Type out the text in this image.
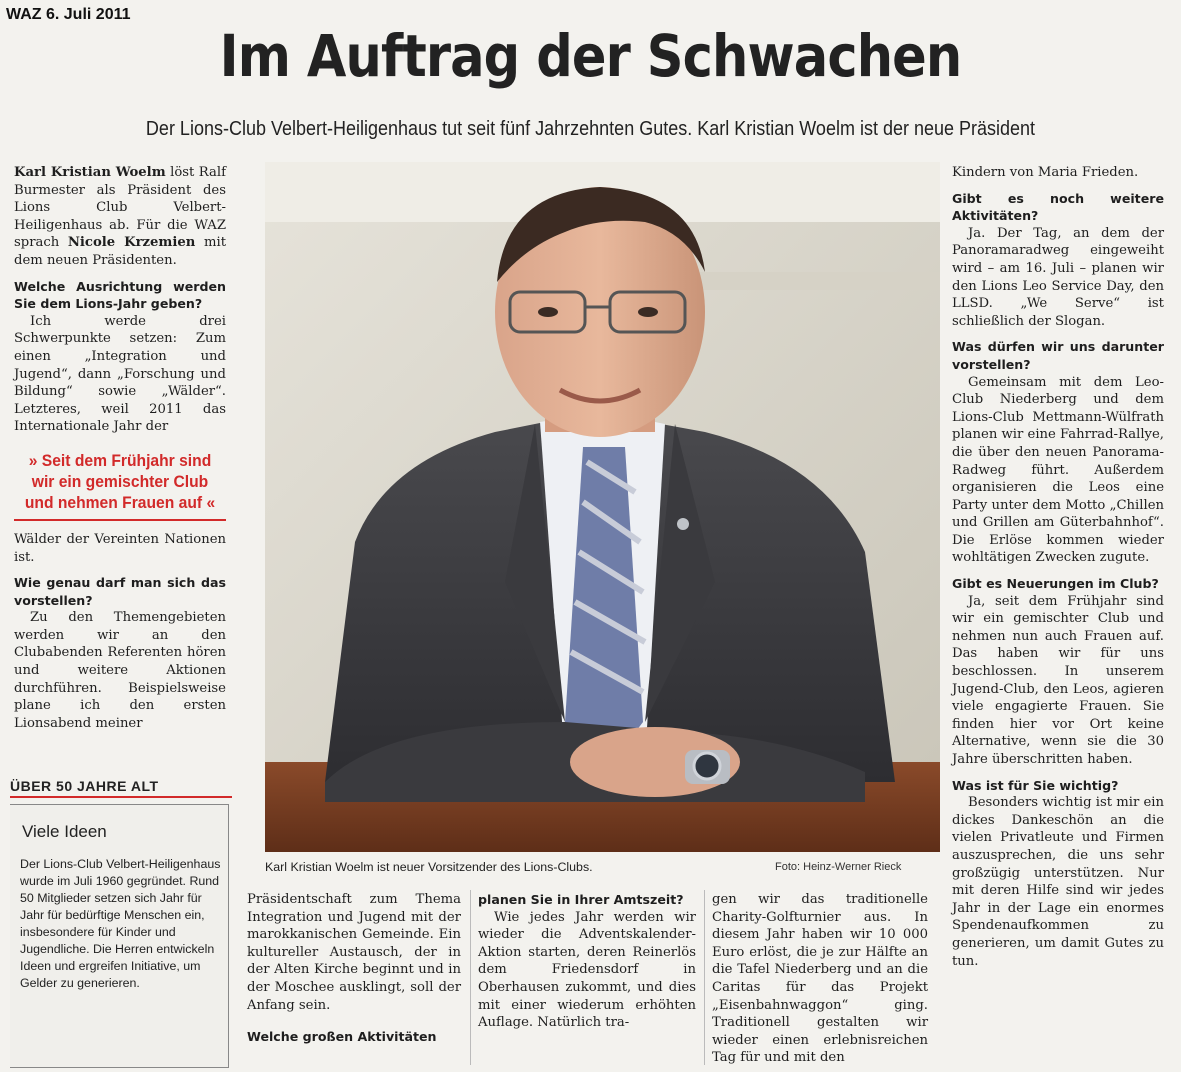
WAZ 6. Juli 2011
Im Auftrag der Schwachen
Der Lions-Club Velbert-Heiligenhaus tut seit fünf Jahrzehnten Gutes. Karl Kristian Woelm ist der neue Präsident

Karl Kristian Woelm löst Ralf Burmester als Präsident des Lions Club Velbert-Heiligenhaus ab. Für die WAZ sprach Nicole Krzemien mit dem neuen Präsidenten.

Welche Ausrichtung werden Sie dem Lions-Jahr geben?

Ich werde drei Schwerpunkte setzen: Zum einen „Integration und Jugend“, dann „Forschung und Bildung“ sowie „Wälder“. Letzteres, weil 2011 das Internationale Jahr der

» Seit dem Frühjahr sind wir ein gemischter Club und nehmen Frauen auf «

Wälder der Vereinten Nationen ist.

Wie genau darf man sich das vorstellen?

Zu den Themengebieten werden wir an den Clubabenden Referenten hören und weitere Aktionen durchführen. Beispielsweise plane ich den ersten Lionsabend meiner

ÜBER 50 JAHRE ALT
Viele Ideen
Der Lions-Club Velbert-Heiligenhaus wurde im Juli 1960 gegründet. Rund 50 Mitglieder setzen sich Jahr für Jahr für bedürftige Menschen ein, insbesondere für Kinder und Jugendliche. Die Herren entwickeln Ideen und ergreifen Initiative, um Gelder zu generieren.
Karl Kristian Woelm ist neuer Vorsitzender des Lions-Clubs.	Foto: Heinz-Werner Rieck

Präsidentschaft zum Thema Integration und Jugend mit der marokkanischen Gemeinde. Ein kultureller Austausch, der in der Alten Kirche beginnt und in der Moschee ausklingt, soll der Anfang sein.

Welche großen Aktivitäten

planen Sie in Ihrer Amtszeit?

Wie jedes Jahr werden wir wieder die Adventskalender-Aktion starten, deren Reinerlös dem Friedensdorf in Oberhausen zukommt, und dies mit einer wiederum erhöhten Auflage. Natürlich tra-

gen wir das traditionelle Charity-Golfturnier aus. In diesem Jahr haben wir 10 000 Euro erlöst, die je zur Hälfte an die Tafel Niederberg und an die Caritas für das Projekt „Eisenbahnwaggon“ ging. Traditionell gestalten wir wieder einen erlebnisreichen Tag für und mit den

Kindern von Maria Frieden.

Gibt es noch weitere Aktivitäten?

Ja. Der Tag, an dem der Panoramaradweg eingeweiht wird – am 16. Juli – planen wir den Lions Leo Service Day, den LLSD. „We Serve“ ist schließlich der Slogan.

Was dürfen wir uns darunter vorstellen?

Gemeinsam mit dem Leo-Club Niederberg und dem Lions-Club Mettmann-Wülfrath planen wir eine Fahrrad-Rallye, die über den neuen Panorama-Radweg führt. Außerdem organisieren die Leos eine Party unter dem Motto „Chillen und Grillen am Güterbahnhof“. Die Erlöse kommen wieder wohltätigen Zwecken zugute.

Gibt es Neuerungen im Club?

Ja, seit dem Frühjahr sind wir ein gemischter Club und nehmen nun auch Frauen auf. Das haben wir für uns beschlossen. In unserem Jugend-Club, den Leos, agieren viele engagierte Frauen. Sie finden hier vor Ort keine Alternative, wenn sie die 30 Jahre überschritten haben.

Was ist für Sie wichtig?

Besonders wichtig ist mir ein dickes Dankeschön an die vielen Privatleute und Firmen auszusprechen, die uns sehr großzügig unterstützen. Nur mit deren Hilfe sind wir jedes Jahr in der Lage ein enormes Spendenaufkommen zu generieren, um damit Gutes zu tun.
